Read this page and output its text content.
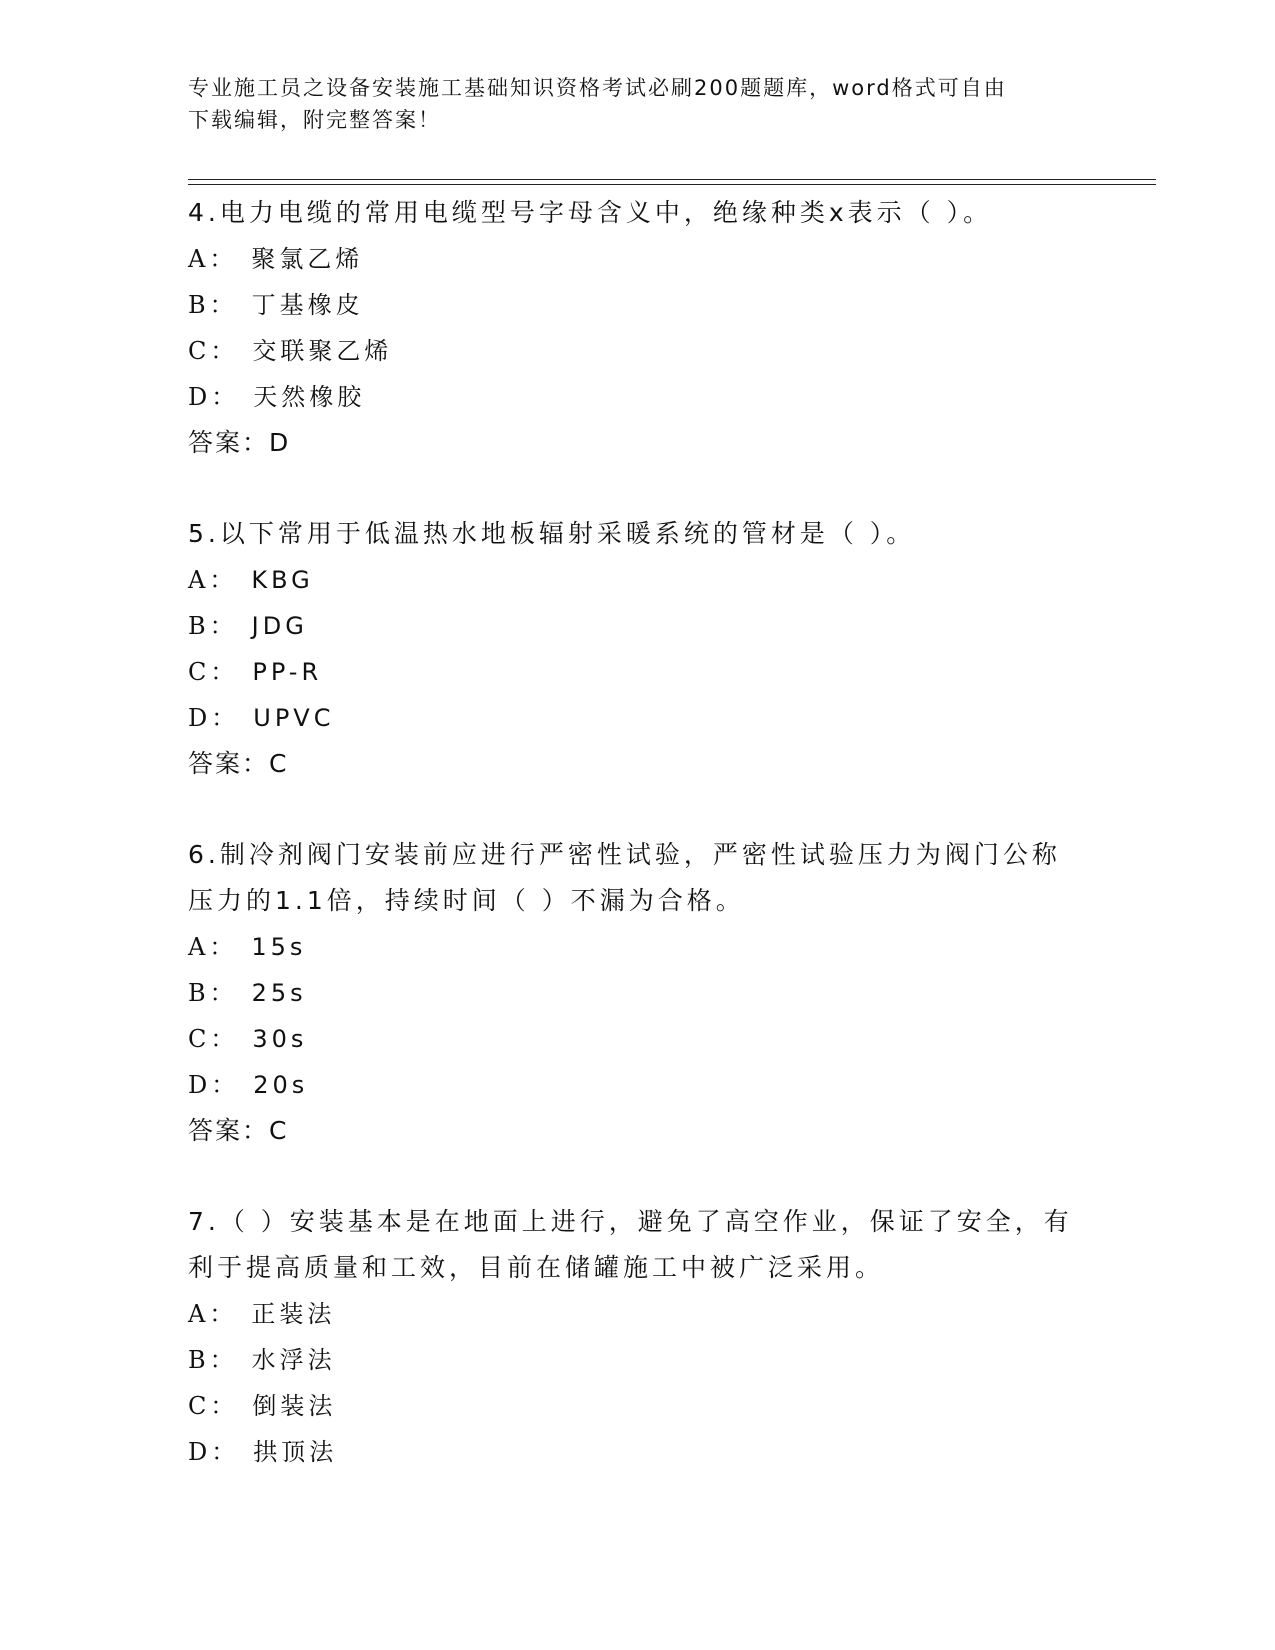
专业施工员之设备安装施工基础知识资格考试必刷200题题库，word格式可自由
下载编辑，附完整答案！

4.电力电缆的常用电缆型号字母含义中，绝缘种类x表示（ ）。

A： 聚氯乙烯

B： 丁基橡皮

C： 交联聚乙烯

D： 天然橡胶

答案：D

5.以下常用于低温热水地板辐射采暖系统的管材是（ ）。

A： KBG

B： JDG

C： PP-R

D： UPVC

答案：C

6.制冷剂阀门安装前应进行严密性试验，严密性试验压力为阀门公称

压力的1.1倍，持续时间（ ）不漏为合格。

A： 15s

B： 25s

C： 30s

D： 20s

答案：C

7.（ ）安装基本是在地面上进行，避免了高空作业，保证了安全，有

利于提高质量和工效，目前在储罐施工中被广泛采用。

A： 正装法

B： 水浮法

C： 倒装法

D： 拱顶法
